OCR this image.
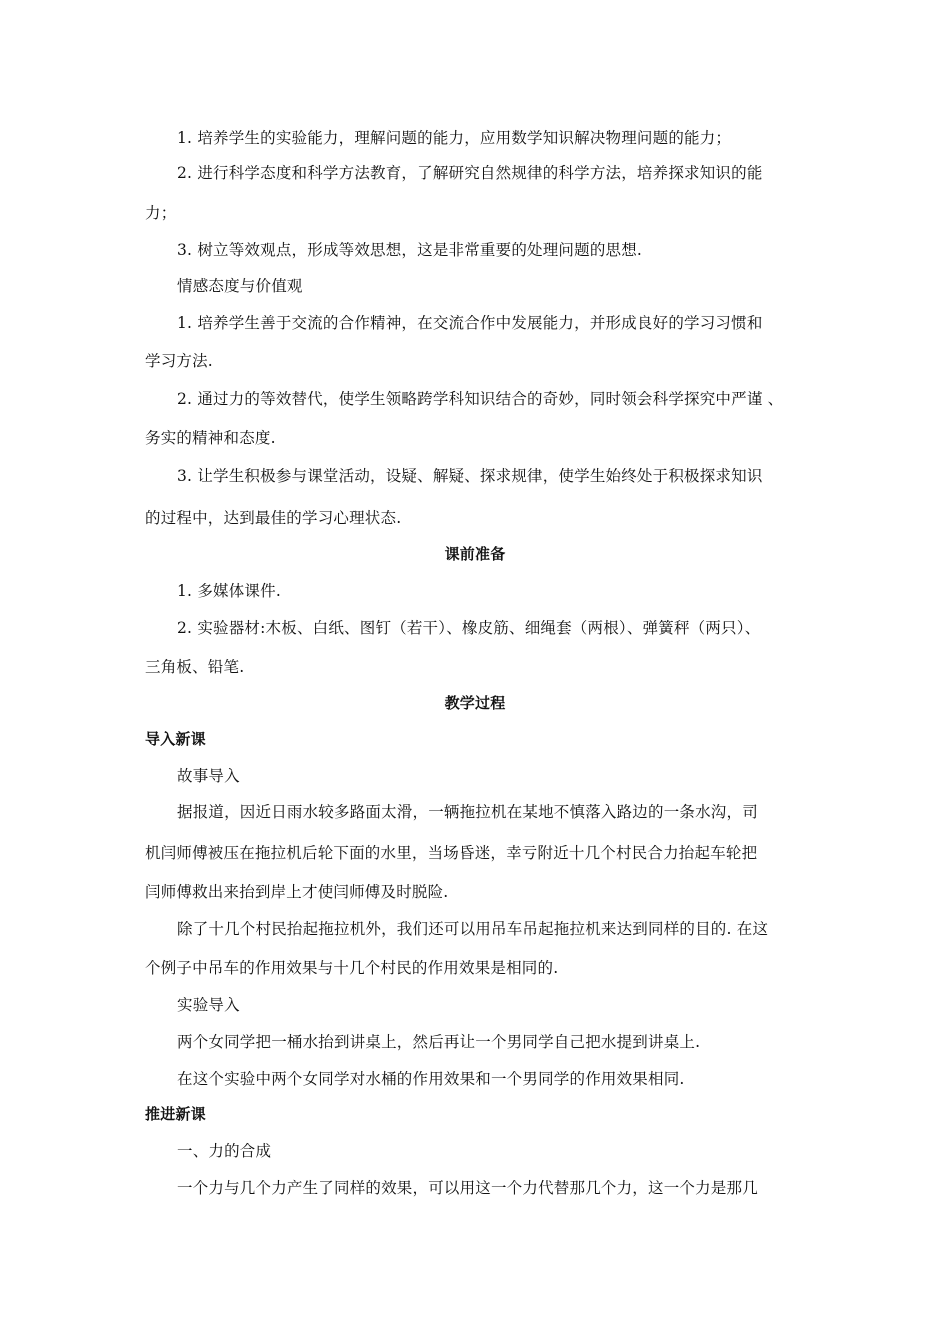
1. 培养学生的实验能力，理解问题的能力，应用数学知识解决物理问题的能力；
2. 进行科学态度和科学方法教育，了解研究自然规律的科学方法，培养探求知识的能
力；
3. 树立等效观点，形成等效思想，这是非常重要的处理问题的思想.
情感态度与价值观
1. 培养学生善于交流的合作精神，在交流合作中发展能力，并形成良好的学习习惯和
学习方法.
2. 通过力的等效替代，使学生领略跨学科知识结合的奇妙，同时领会科学探究中严谨 、
务实的精神和态度.
3. 让学生积极参与课堂活动，设疑、解疑、探求规律，使学生始终处于积极探求知识
的过程中，达到最佳的学习心理状态.
课前准备
1. 多媒体课件.
2. 实验器材:木板、白纸、图钉（若干）、橡皮筋、细绳套（两根）、弹簧秤（两只）、
三角板、铅笔.
教学过程
导入新课
故事导入
据报道，因近日雨水较多路面太滑，一辆拖拉机在某地不慎落入路边的一条水沟，司
机闫师傅被压在拖拉机后轮下面的水里，当场昏迷，幸亏附近十几个村民合力抬起车轮把
闫师傅救出来抬到岸上才使闫师傅及时脱险.
除了十几个村民抬起拖拉机外，我们还可以用吊车吊起拖拉机来达到同样的目的. 在这
个例子中吊车的作用效果与十几个村民的作用效果是相同的.
实验导入
两个女同学把一桶水抬到讲桌上，然后再让一个男同学自己把水提到讲桌上.
在这个实验中两个女同学对水桶的作用效果和一个男同学的作用效果相同.
推进新课
一、力的合成
一个力与几个力产生了同样的效果，可以用这一个力代替那几个力，这一个力是那几
